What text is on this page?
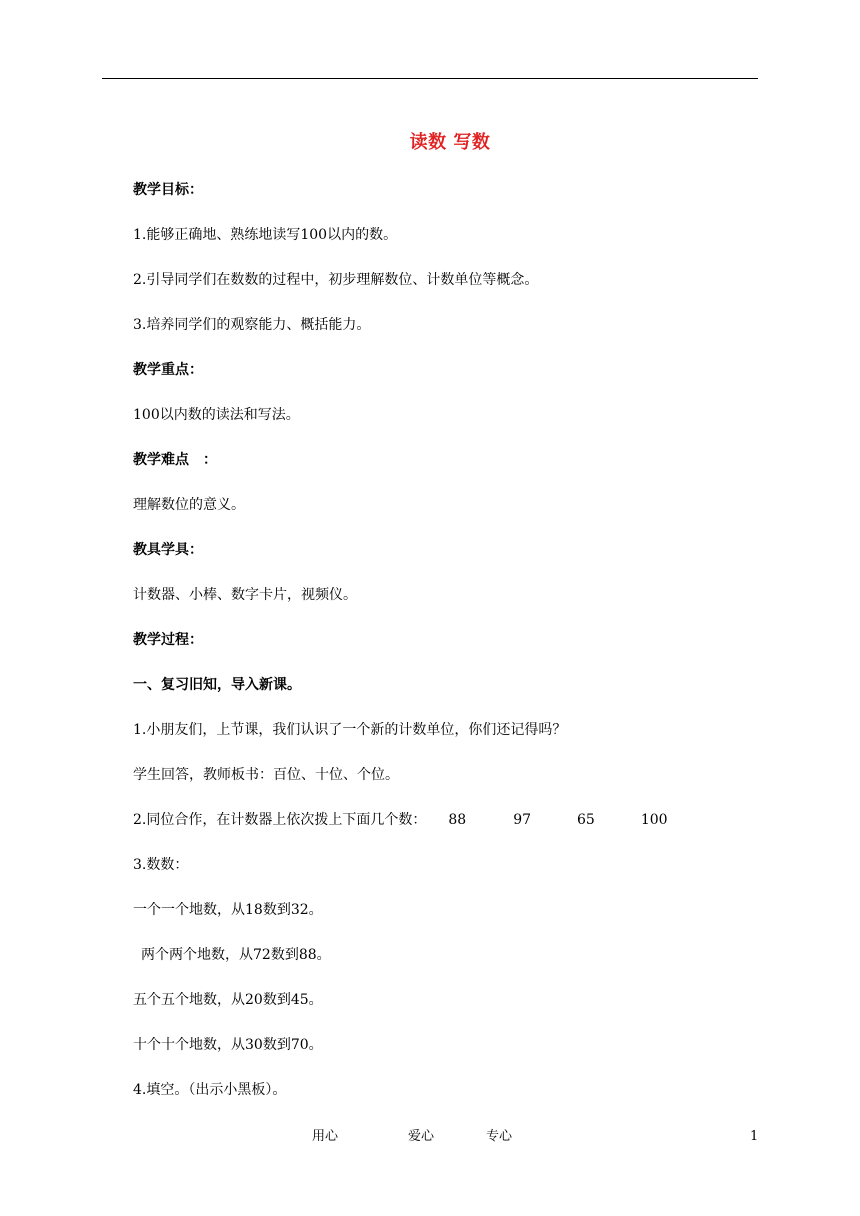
读数 写数
教学目标：
1.能够正确地、熟练地读写100以内的数。
2.引导同学们在数数的过程中，初步理解数位、计数单位等概念。
3.培养同学们的观察能力、概括能力。
教学重点：
100以内数的读法和写法。
教学难点　：
理解数位的意义。
教具学具：
计数器、小棒、数字卡片，视频仪。
教学过程：
一、复习旧知，导入新课。
1.小朋友们，上节课，我们认识了一个新的计数单位，你们还记得吗？
学生回答，教师板书：百位、十位、个位。
2.同位合作，在计数器上依次拨上下面几个数： 88	97	65	100
3.数数：
一个一个地数，从18数到32。
两个两个地数，从72数到88。
五个五个地数，从20数到45。
十个十个地数，从30数到70。
4.填空。（出示小黑板）。
用心	爱心	专心	1
